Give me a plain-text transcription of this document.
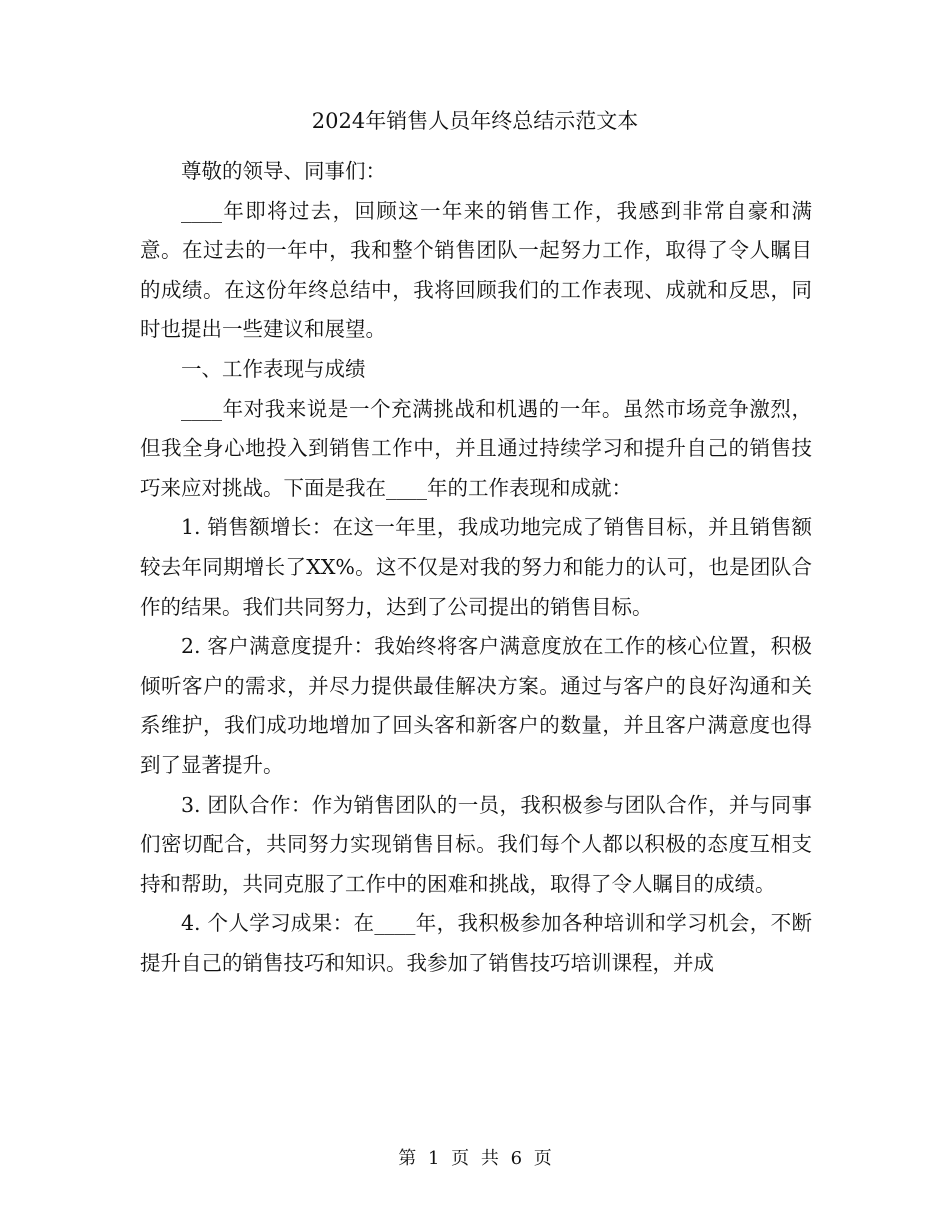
2024年销售人员年终总结示范文本

尊敬的领导、同事们：

____年即将过去，回顾这一年来的销售工作，我感到非常自豪和满意。在过去的一年中，我和整个销售团队一起努力工作，取得了令人瞩目的成绩。在这份年终总结中，我将回顾我们的工作表现、成就和反思，同时也提出一些建议和展望。

一、工作表现与成绩

____年对我来说是一个充满挑战和机遇的一年。虽然市场竞争激烈，但我全身心地投入到销售工作中，并且通过持续学习和提升自己的销售技巧来应对挑战。下面是我在____年的工作表现和成就：

1. 销售额增长：在这一年里，我成功地完成了销售目标，并且销售额较去年同期增长了XX%。这不仅是对我的努力和能力的认可，也是团队合作的结果。我们共同努力，达到了公司提出的销售目标。

2. 客户满意度提升：我始终将客户满意度放在工作的核心位置，积极倾听客户的需求，并尽力提供最佳解决方案。通过与客户的良好沟通和关系维护，我们成功地增加了回头客和新客户的数量，并且客户满意度也得到了显著提升。

3. 团队合作：作为销售团队的一员，我积极参与团队合作，并与同事们密切配合，共同努力实现销售目标。我们每个人都以积极的态度互相支持和帮助，共同克服了工作中的困难和挑战，取得了令人瞩目的成绩。

4. 个人学习成果：在____年，我积极参加各种培训和学习机会，不断提升自己的销售技巧和知识。我参加了销售技巧培训课程，并成

第 1 页 共 6 页
